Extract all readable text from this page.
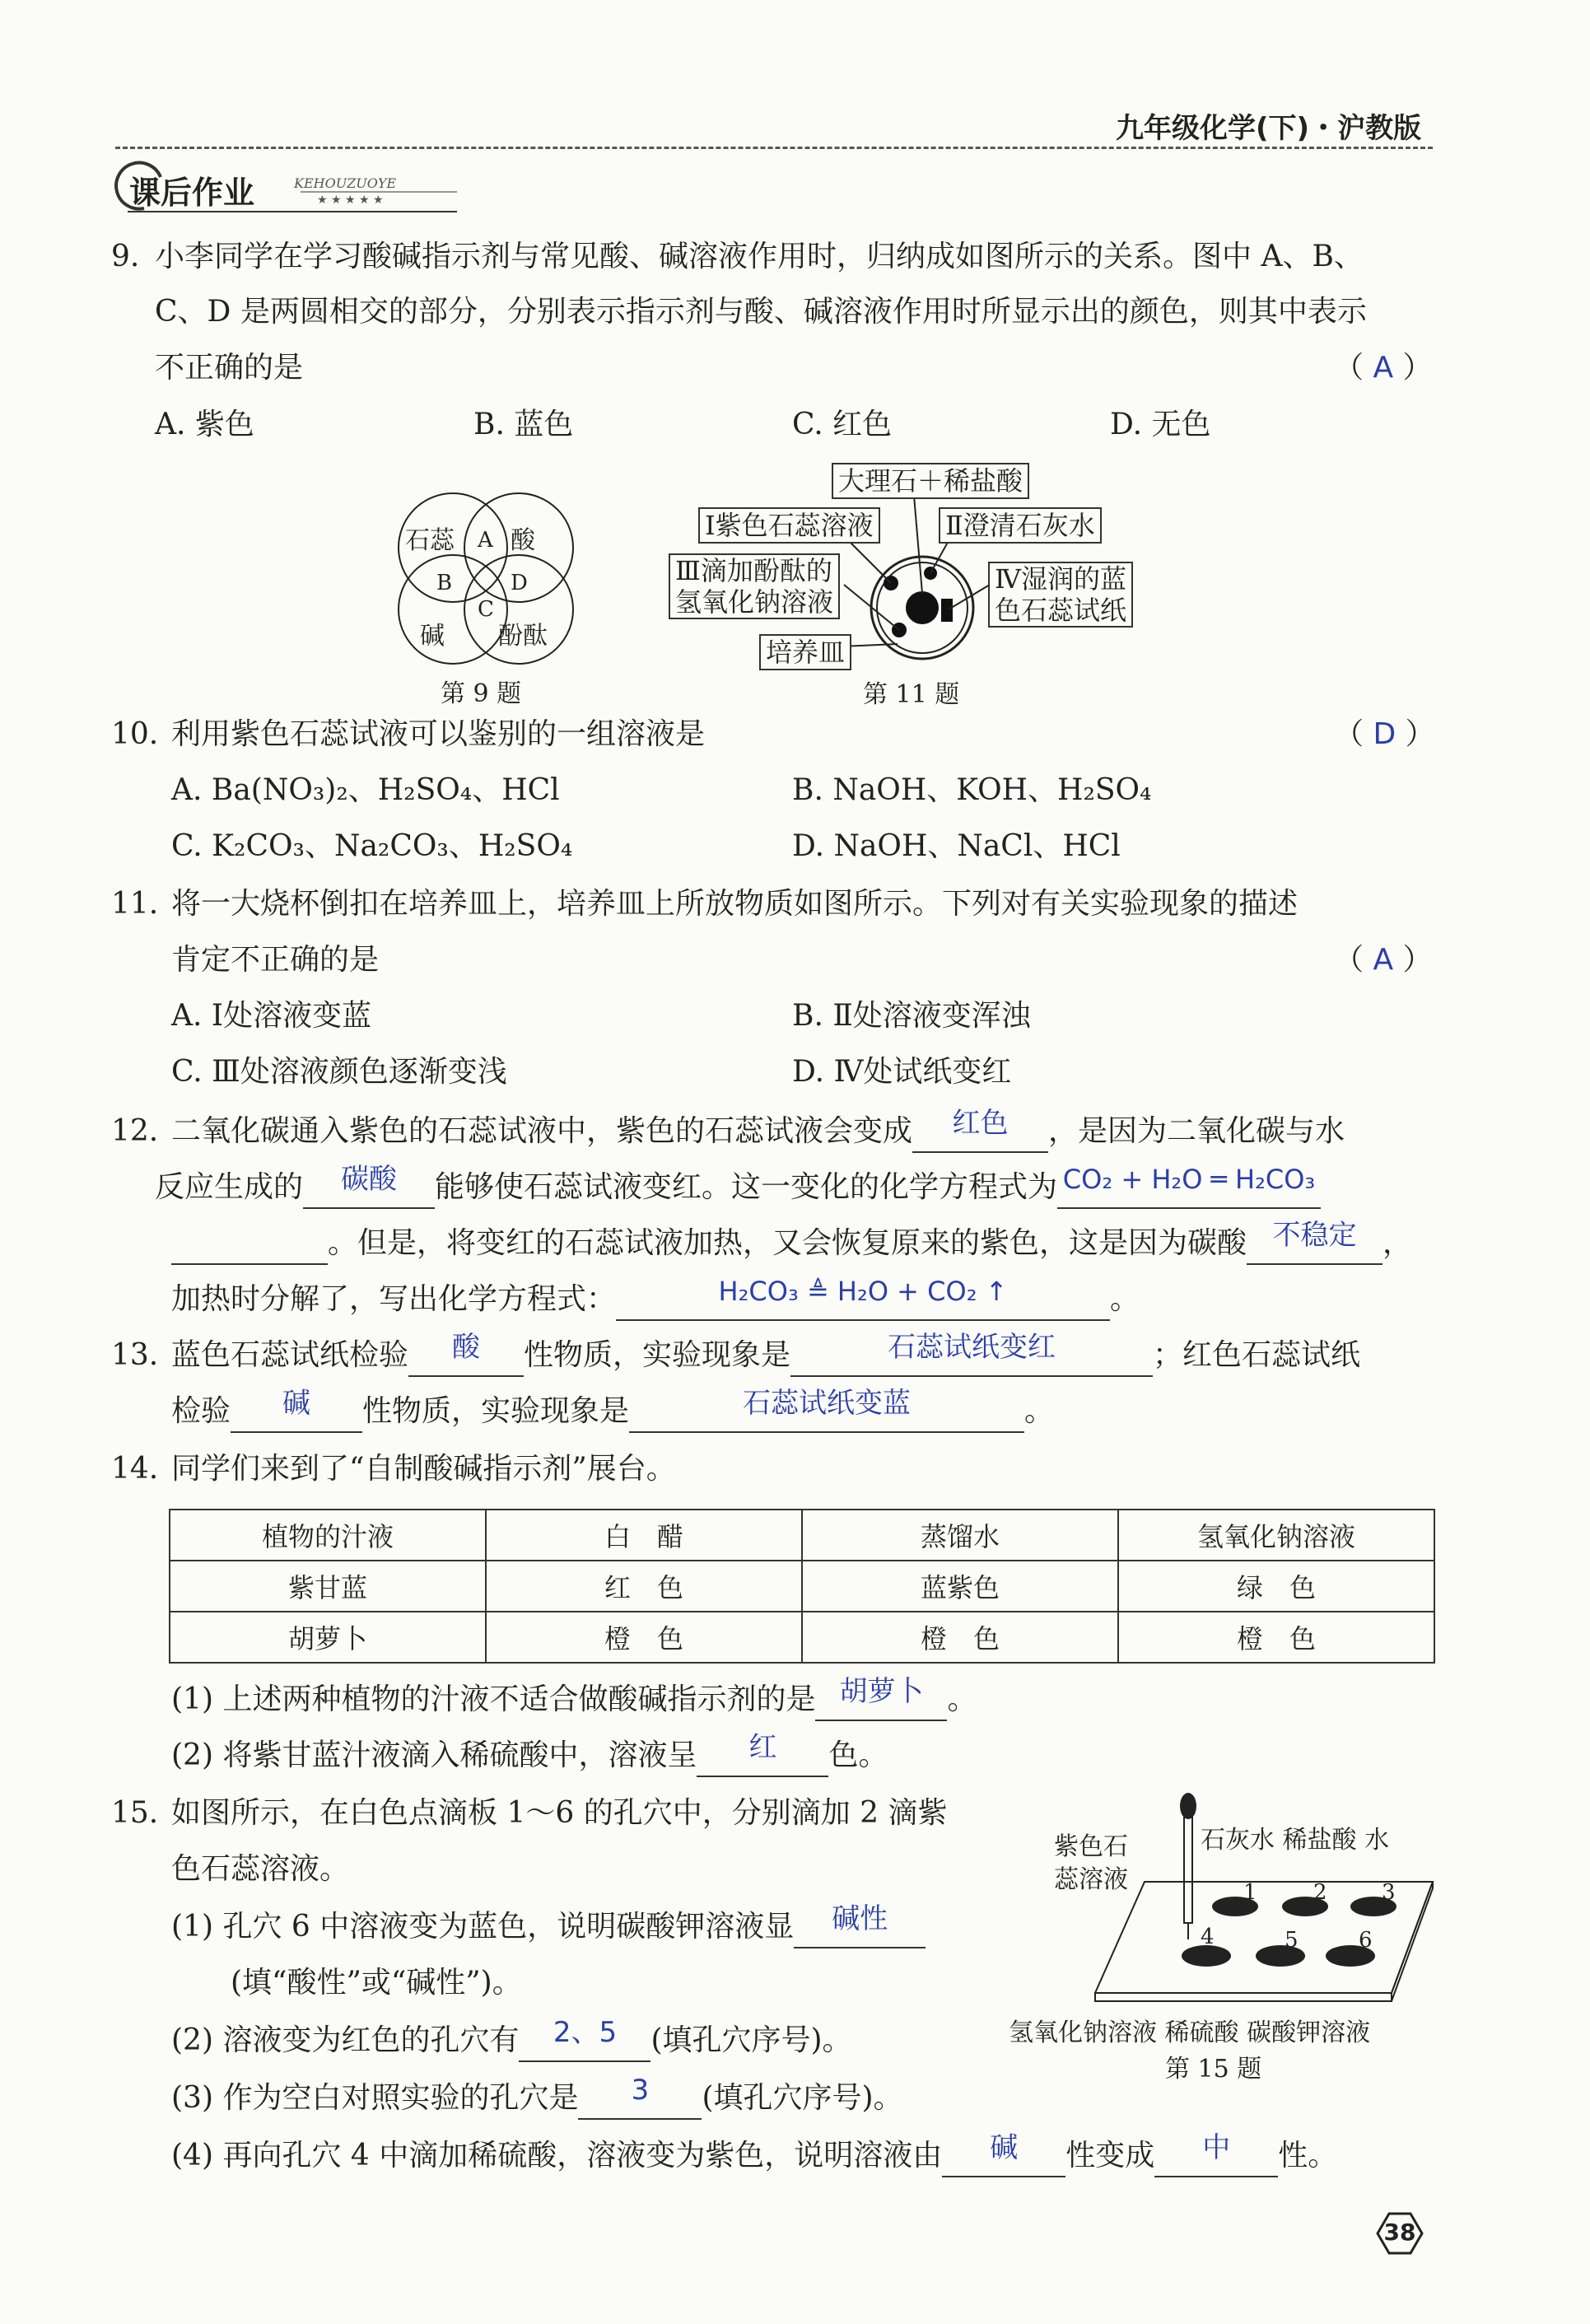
九年级化学(下)・沪教版
课后作业	KEHOUZUOYE
★ ★ ★ ★ ★
9. 小李同学在学习酸碱指示剂与常见酸、碱溶液作用时，归纳成如图所示的关系。图中 A、B、
C、D 是两圆相交的部分，分别表示指示剂与酸、碱溶液作用时所显示出的颜色，则其中表示
不正确的是	（ A ）
A. 紫色	B. 蓝色	C. 红色	D. 无色
石蕊 酸
碱 酚酞
A
B
C
D
第 9 题
大理石＋稀盐酸
Ⅰ紫色石蕊溶液	Ⅱ澄清石灰水
Ⅲ滴加酚酞的
氢氧化钠溶液
Ⅳ湿润的蓝
色石蕊试纸
培养皿
第 11 题
10. 利用紫色石蕊试液可以鉴别的一组溶液是	（ D ）
A. Ba(NO₃)₂、H₂SO₄、HCl	B. NaOH、KOH、H₂SO₄
C. K₂CO₃、Na₂CO₃、H₂SO₄	D. NaOH、NaCl、HCl
11. 将一大烧杯倒扣在培养皿上，培养皿上所放物质如图所示。下列对有关实验现象的描述
肯定不正确的是	（ A ）
A. Ⅰ处溶液变蓝	B. Ⅱ处溶液变浑浊
C. Ⅲ处溶液颜色逐渐变浅	D. Ⅳ处试纸变红
12. 二氧化碳通入紫色的石蕊试液中，紫色的石蕊试液会变成 红色 ，是因为二氧化碳与水
反应生成的 碳酸 能够使石蕊试液变红。这一变化的化学方程式为 CO₂ + H₂O ═ H₂CO₃
。但是，将变红的石蕊试液加热，又会恢复原来的紫色，这是因为碳酸 不稳定 ，
加热时分解了，写出化学方程式：	H₂CO₃ ≜ H₂O + CO₂ ↑	。
13. 蓝色石蕊试纸检验 酸 性物质，实验现象是	石蕊试纸变红	；红色石蕊试纸
检验 碱 性物质，实验现象是	石蕊试纸变蓝	。
14. 同学们来到了“自制酸碱指示剂”展台。
植物的汁液	白　醋	蒸馏水	氢氧化钠溶液
紫甘蓝	红　色	蓝紫色	绿　色
胡萝卜	橙　色	橙　色	橙　色
(1) 上述两种植物的汁液不适合做酸碱指示剂的是 胡萝卜 。
(2) 将紫甘蓝汁液滴入稀硫酸中，溶液呈 红 色。
15. 如图所示，在白色点滴板 1～6 的孔穴中，分别滴加 2 滴紫
色石蕊溶液。
(1) 孔穴 6 中溶液变为蓝色，说明碳酸钾溶液显 碱性
(填“酸性”或“碱性”)。
(2) 溶液变为红色的孔穴有 2、5 (填孔穴序号)。
(3) 作为空白对照实验的孔穴是 3 (填孔穴序号)。
(4) 再向孔穴 4 中滴加稀硫酸，溶液变为紫色，说明溶液由 碱 性变成 中 性。
紫色石
蕊溶液
石灰水 稀盐酸 水
1	2	3
4	5	6
氢氧化钠溶液 稀硫酸 碳酸钾溶液
第 15 题
38
